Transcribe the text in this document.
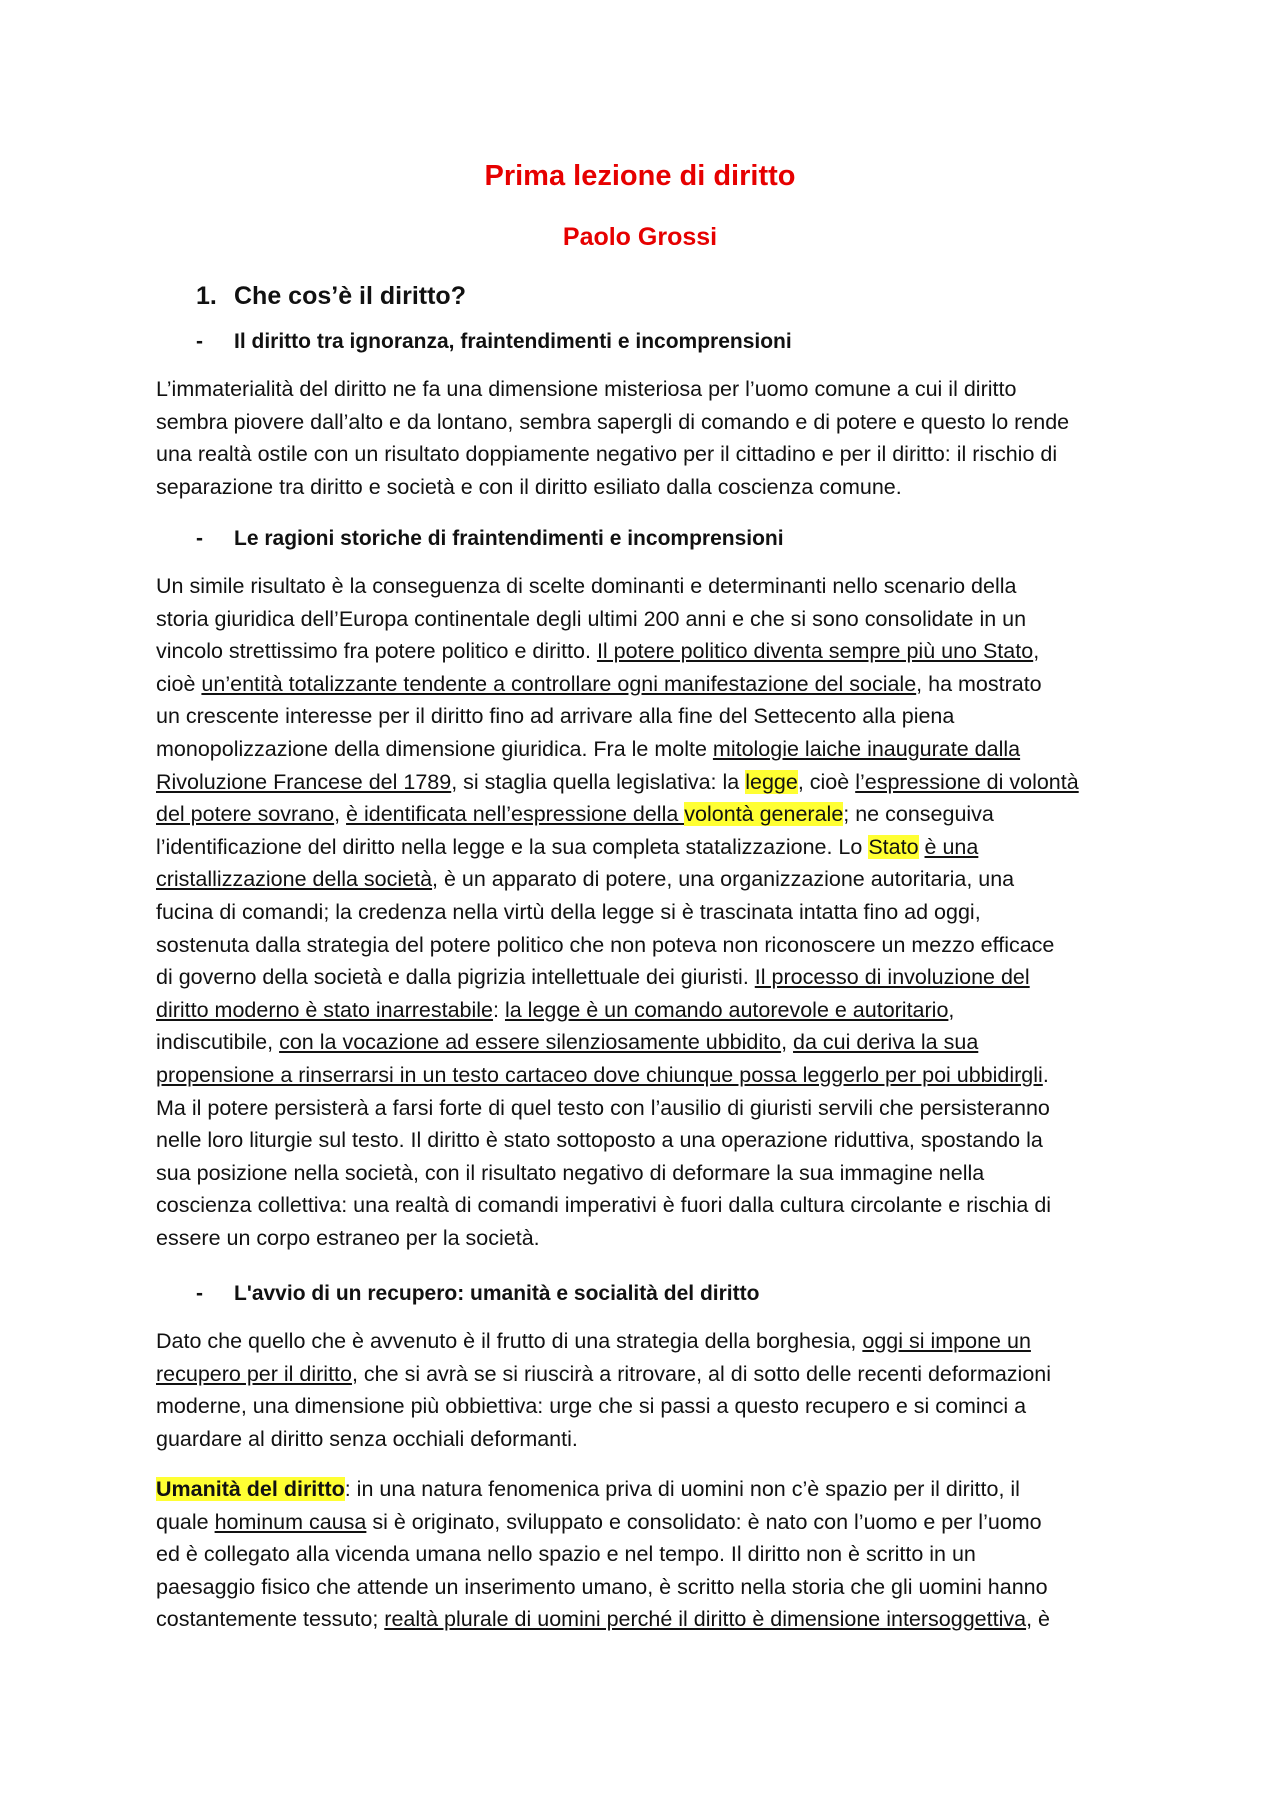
Prima lezione di diritto
Paolo Grossi
1. Che cos’è il diritto?
- Il diritto tra ignoranza, fraintendimenti e incomprensioni
L’immaterialità del diritto ne fa una dimensione misteriosa per l’uomo comune a cui il diritto
sembra piovere dall’alto e da lontano, sembra sapergli di comando e di potere e questo lo rende
una realtà ostile con un risultato doppiamente negativo per il cittadino e per il diritto: il rischio di
separazione tra diritto e società e con il diritto esiliato dalla coscienza comune.
- Le ragioni storiche di fraintendimenti e incomprensioni
Un simile risultato è la conseguenza di scelte dominanti e determinanti nello scenario della
storia giuridica dell’Europa continentale degli ultimi 200 anni e che si sono consolidate in un
vincolo strettissimo fra potere politico e diritto. Il potere politico diventa sempre più uno Stato,
cioè un’entità totalizzante tendente a controllare ogni manifestazione del sociale, ha mostrato
un crescente interesse per il diritto fino ad arrivare alla fine del Settecento alla piena
monopolizzazione della dimensione giuridica. Fra le molte mitologie laiche inaugurate dalla
Rivoluzione Francese del 1789, si staglia quella legislativa: la legge, cioè l’espressione di volontà
del potere sovrano, è identificata nell’espressione della volontà generale; ne conseguiva
l’identificazione del diritto nella legge e la sua completa statalizzazione. Lo Stato è una
cristallizzazione della società, è un apparato di potere, una organizzazione autoritaria, una
fucina di comandi; la credenza nella virtù della legge si è trascinata intatta fino ad oggi,
sostenuta dalla strategia del potere politico che non poteva non riconoscere un mezzo efficace
di governo della società e dalla pigrizia intellettuale dei giuristi. Il processo di involuzione del
diritto moderno è stato inarrestabile: la legge è un comando autorevole e autoritario,
indiscutibile, con la vocazione ad essere silenziosamente ubbidito, da cui deriva la sua
propensione a rinserrarsi in un testo cartaceo dove chiunque possa leggerlo per poi ubbidirgli.
Ma il potere persisterà a farsi forte di quel testo con l’ausilio di giuristi servili che persisteranno
nelle loro liturgie sul testo. Il diritto è stato sottoposto a una operazione riduttiva, spostando la
sua posizione nella società, con il risultato negativo di deformare la sua immagine nella
coscienza collettiva: una realtà di comandi imperativi è fuori dalla cultura circolante e rischia di
essere un corpo estraneo per la società.
- L'avvio di un recupero: umanità e socialità del diritto
Dato che quello che è avvenuto è il frutto di una strategia della borghesia, oggi si impone un
recupero per il diritto, che si avrà se si riuscirà a ritrovare, al di sotto delle recenti deformazioni
moderne, una dimensione più obbiettiva: urge che si passi a questo recupero e si cominci a
guardare al diritto senza occhiali deformanti.
Umanità del diritto: in una natura fenomenica priva di uomini non c’è spazio per il diritto, il
quale hominum causa si è originato, sviluppato e consolidato: è nato con l’uomo e per l’uomo
ed è collegato alla vicenda umana nello spazio e nel tempo. Il diritto non è scritto in un
paesaggio fisico che attende un inserimento umano, è scritto nella storia che gli uomini hanno
costantemente tessuto; realtà plurale di uomini perché il diritto è dimensione intersoggettiva, è
